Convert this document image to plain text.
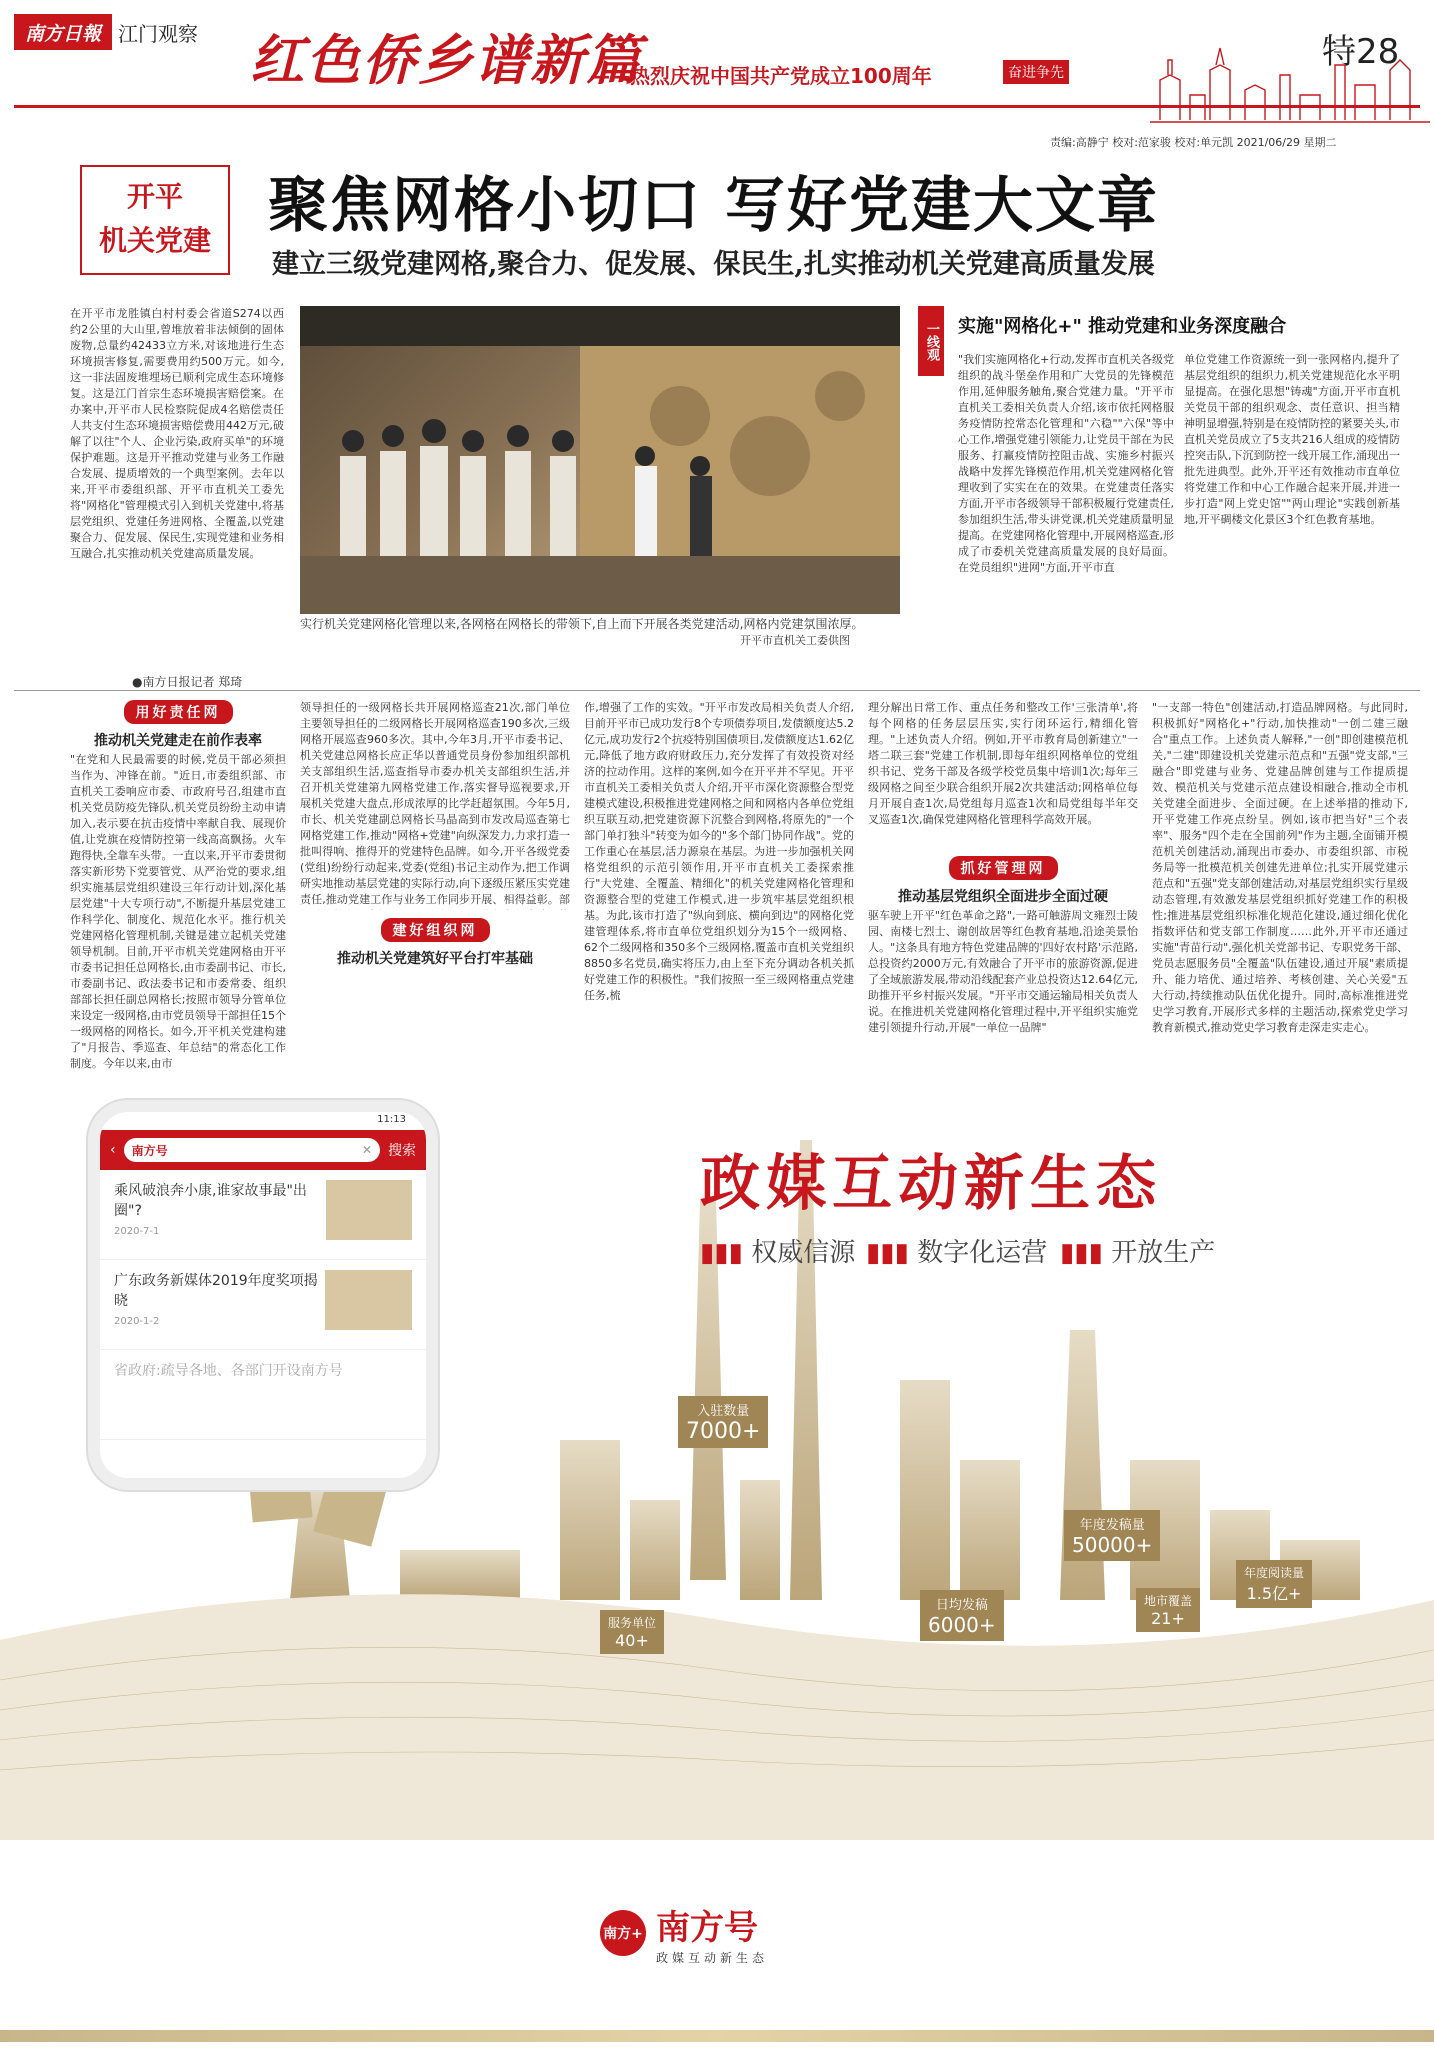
南方日報 江门观察 红色侨乡谱新篇
——热烈庆祝中国共产党成立100周年	奋进争先
特28
责编:高静宁 校对:范家骏 校对:单元凯 2021/06/29 星期二
开平
机关党建 聚焦网格小切口 写好党建大文章
建立三级党建网格,聚合力、促发展、保民生,扎实推动机关党建高质量发展
在开平市龙胜镇白村村委会省道S274以西约2公里的大山里,曾堆放着非法倾倒的固体废物,总量约42433立方米,对该地进行生态环境损害修复,需要费用约500万元。如今,这一非法固废堆埋场已顺利完成生态环境修复。这是江门首宗生态环境损害赔偿案。在办案中,开平市人民检察院促成4名赔偿责任人共支付生态环境损害赔偿费用442万元,破解了以往"个人、企业污染,政府买单"的环境保护难题。这是开平推动党建与业务工作融合发展、提质增效的一个典型案例。去年以来,开平市委组织部、开平市直机关工委先将"网格化"管理模式引入到机关党建中,将基层党组织、党建任务进网格、全覆盖,以党建聚合力、促发展、保民生,实现党建和业务相互融合,扎实推动机关党建高质量发展。
●南方日报记者 郑琦
实行机关党建网格化管理以来,各网格在网格长的带领下,自上而下开展各类党建活动,网格内党建氛围浓厚。
开平市直机关工委供图
一线观 实施"网格化+" 推动党建和业务深度融合
"我们实施网格化+行动,发挥市直机关各级党组织的战斗堡垒作用和广大党员的先锋模范作用,延伸服务触角,聚合党建力量。"开平市直机关工委相关负责人介绍,该市依托网格服务疫情防控常态化管理和"六稳""六保"等中心工作,增强党建引领能力,让党员干部在为民服务、打赢疫情防控阻击战、实施乡村振兴战略中发挥先锋模范作用,机关党建网格化管理收到了实实在在的效果。在党建责任落实方面,开平市各级领导干部积极履行党建责任,参加组织生活,带头讲党课,机关党建质量明显提高。在党建网格化管理中,开展网格巡查,形成了市委机关党建高质量发展的良好局面。在党员组织"进网"方面,开平市直
单位党建工作资源统一到一张网格内,提升了基层党组织的组织力,机关党建规范化水平明显提高。在强化思想"铸魂"方面,开平市直机关党员干部的组织观念、责任意识、担当精神明显增强,特别是在疫情防控的紧要关头,市直机关党员成立了5支共216人组成的疫情防控突击队,下沉到防控一线开展工作,涌现出一批先进典型。此外,开平还有效推动市直单位将党建工作和中心工作融合起来开展,并进一步打造"网上党史馆""两山理论"实践创新基地,开平碉楼文化景区3个红色教育基地。
用好责任网
推动机关党建走在前作表率
"在党和人民最需要的时候,党员干部必须担当作为、冲锋在前。"近日,市委组织部、市直机关工委响应市委、市政府号召,组建市直机关党员防疫先锋队,机关党员纷纷主动申请加入,表示要在抗击疫情中率献自我、展现价值,让党旗在疫情防控第一线高高飘扬。火车跑得快,全靠车头带。一直以来,开平市委贯彻落实新形势下党要管党、从严治党的要求,组织实施基层党组织建设三年行动计划,深化基层党建"十大专项行动",不断提升基层党建工作科学化、制度化、规范化水平。推行机关党建网格化管理机制,关键是建立起机关党建领导机制。目前,开平市机关党建网格由开平市委书记担任总网格长,由市委副书记、市长,市委副书记、政法委书记和市委常委、组织部部长担任副总网格长;按照市领导分管单位来设定一级网格,由市党员领导干部担任15个一级网格的网格长。如今,开平机关党建构建了"月报告、季巡查、年总结"的常态化工作制度。今年以来,由市
领导担任的一级网格长共开展网格巡查21次,部门单位主要领导担任的二级网格长开展网格巡查190多次,三级网格开展巡查960多次。其中,今年3月,开平市委书记、机关党建总网格长应正华以普通党员身份参加组织部机关支部组织生活,巡查指导市委办机关支部组织生活,并召开机关党建第九网格党建工作,落实督导巡视要求,开展机关党建大盘点,形成浓厚的比学赶超氛围。今年5月,市长、机关党建副总网格长马晶高到市发改局巡查第七网格党建工作,推动"网格+党建"向纵深发力,力求打造一批叫得响、推得开的党建特色品牌。如今,开平各级党委(党组)纷纷行动起来,党委(党组)书记主动作为,把工作调研实地推动基层党建的实际行动,向下逐级压紧压实党建责任,推动党建工作与业务工作同步开展、相得益彰。部
建好组织网
推动机关党建筑好平台打牢基础
作,增强了工作的实效。"开平市发改局相关负责人介绍,目前开平市已成功发行8个专项债券项目,发债额度达5.2亿元,成功发行2个抗疫特别国债项目,发债额度达1.62亿元,降低了地方政府财政压力,充分发挥了有效投资对经济的拉动作用。这样的案例,如今在开平并不罕见。开平市直机关工委相关负责人介绍,开平市深化资源整合型党建模式建设,积极推进党建网格之间和网格内各单位党组织互联互动,把党建资源下沉整合到网格,将原先的"一个部门单打独斗"转变为如今的"多个部门协同作战"。党的工作重心在基层,活力源泉在基层。为进一步加强机关网格党组织的示范引领作用,开平市直机关工委探索推行"大党建、全覆盖、精细化"的机关党建网格化管理和资源整合型的党建工作模式,进一步筑牢基层党组织根基。为此,该市打造了"纵向到底、横向到边"的网格化党建管理体系,将市直单位党组织划分为15个一级网格、62个二级网格和350多个三级网格,覆盖市直机关党组织8850多名党员,确实将压力,由上至下充分调动各机关抓好党建工作的积极性。"我们按照一至三级网格重点党建任务,梳
理分解出日常工作、重点任务和整改工作'三张清单',将每个网格的任务层层压实,实行闭环运行,精细化管理。"上述负责人介绍。例如,开平市教育局创新建立"一塔二联三套"党建工作机制,即每年组织网格单位的党组织书记、党务干部及各级学校党员集中培训1次;每年三级网格之间至少联合组织开展2次共建活动;网格单位每月开展自查1次,局党组每月巡查1次和局党组每半年交叉巡查1次,确保党建网格化管理科学高效开展。
抓好管理网
推动基层党组织全面进步全面过硬
驱车驶上开平"红色革命之路",一路可触游周文雍烈士陵园、南楼七烈士、谢创故居等红色教育基地,沿途美景怡人。"这条具有地方特色党建品牌的'四好农村路'示范路,总投资约2000万元,有效融合了开平市的旅游资源,促进了全域旅游发展,带动沿线配套产业总投资达12.64亿元,助推开平乡村振兴发展。"开平市交通运输局相关负责人说。在推进机关党建网格化管理过程中,开平组织实施党建引领提升行动,开展"一单位一品牌"
"一支部一特色"创建活动,打造品牌网格。与此同时,积极抓好"网格化+"行动,加快推动"一创二建三融合"重点工作。上述负责人解释,"一创"即创建模范机关,"二建"即建设机关党建示范点和"五强"党支部,"三融合"即党建与业务、党建品牌创建与工作提质提效、模范机关与党建示范点建设相融合,推动全市机关党建全面进步、全面过硬。在上述举措的推动下,开平党建工作亮点纷呈。例如,该市把当好"三个表率"、服务"四个走在全国前列"作为主题,全面铺开模范机关创建活动,涌现出市委办、市委组织部、市税务局等一批模范机关创建先进单位;扎实开展党建示范点和"五强"党支部创建活动,对基层党组织实行星级动态管理,有效激发基层党组织抓好党建工作的积极性;推进基层党组织标准化规范化建设,通过细化优化指数评估和党支部工作制度……此外,开平市还通过实施"青苗行动",强化机关党部书记、专职党务干部、党员志愿服务员"全覆盖"队伍建设,通过开展"素质提升、能力培优、通过培养、考核创建、关心关爱"五大行动,持续推动队伍优化提升。同时,高标准推进党史学习教育,开展形式多样的主题活动,探索党史学习教育新模式,推动党史学习教育走深走实走心。
政媒互动新生态
▮▮▮ 权威信源 ▮▮▮ 数字化运营 ▮▮▮ 开放生产
入驻数量
7000+
年度发稿量
50000+
日均发稿
6000+
服务单位
40+
地市覆盖
21+
年度阅读量
1.5亿+
11:13
‹ 南方号	✕ 搜索
乘风破浪奔小康,谁家故事最"出圈"?
2020-7-1
广东政务新媒体2019年度奖项揭晓
2020-1-2
省政府:疏导各地、各部门开设南方号
南方+ 南方号
政媒互动新生态
